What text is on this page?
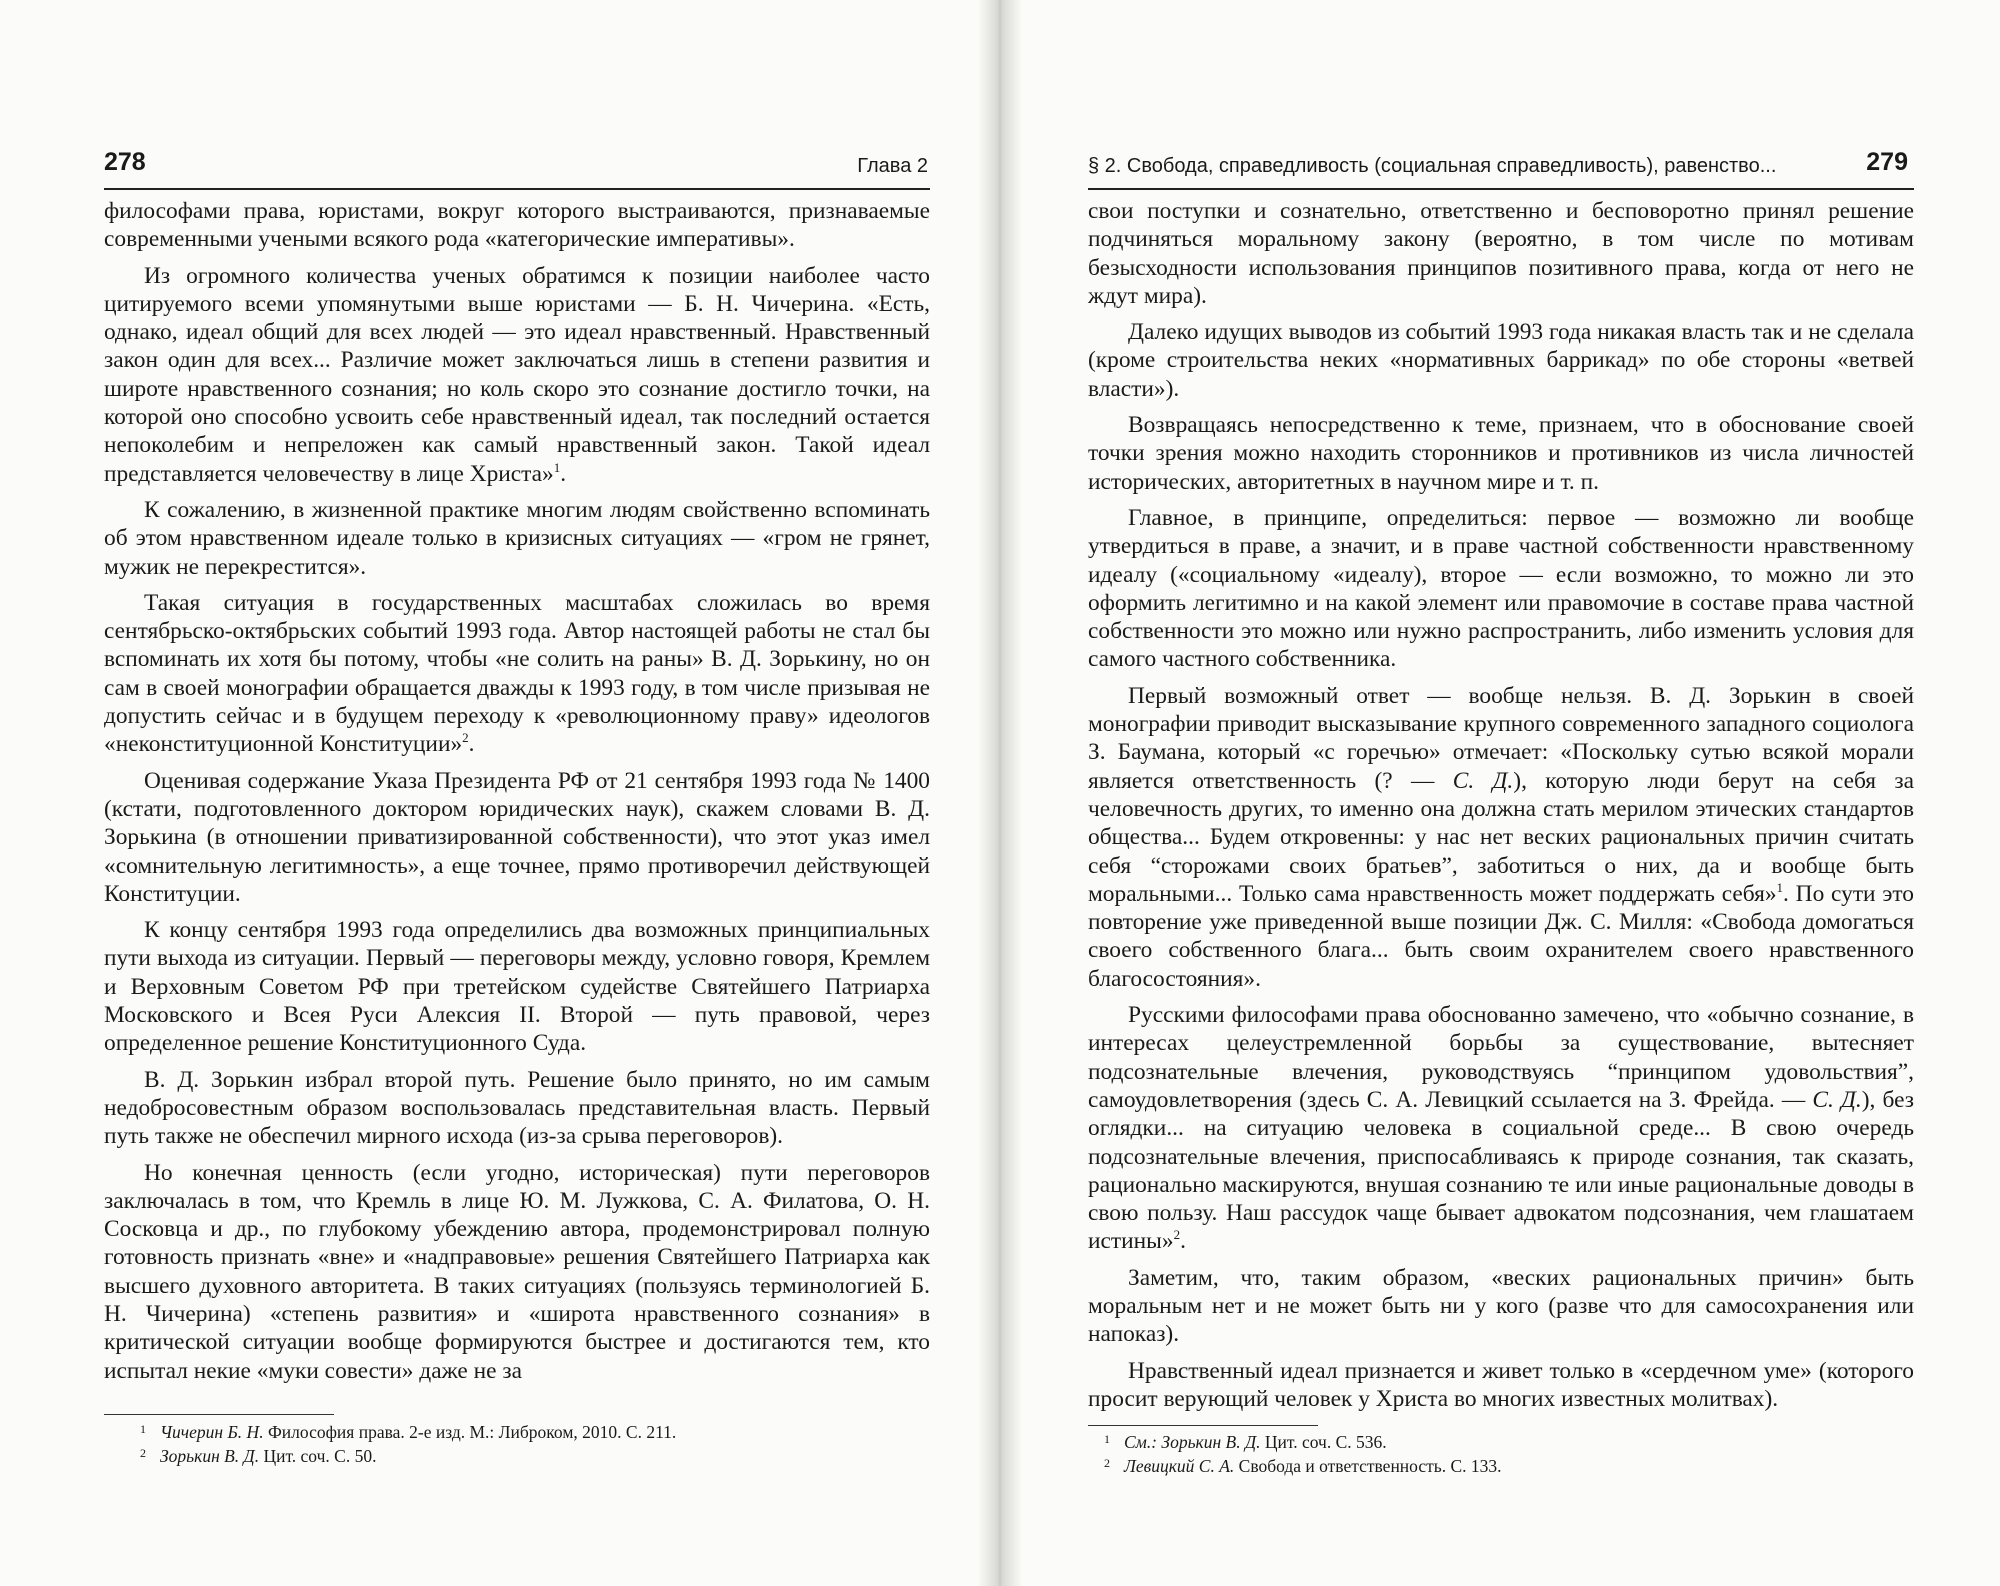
278	Глава 2

философами права, юристами, вокруг которого выстраиваются, признаваемые современными учеными всякого рода «категорические императивы».

Из огромного количества ученых обратимся к позиции наиболее часто цитируемого всеми упомянутыми выше юристами — Б. Н. Чичерина. «Есть, однако, идеал общий для всех людей — это идеал нравственный. Нравственный закон один для всех... Различие может заключаться лишь в степени развития и широте нравственного сознания; но коль скоро это сознание достигло точки, на которой оно способно усвоить себе нравственный идеал, так последний остается непоколебим и непреложен как самый нравственный закон. Такой идеал представляется человечеству в лице Христа»$^1$.

К сожалению, в жизненной практике многим людям свойственно вспоминать об этом нравственном идеале только в кризисных ситуациях — «гром не грянет, мужик не перекрестится».

Такая ситуация в государственных масштабах сложилась во время сентябрьско-октябрьских событий 1993 года. Автор настоящей работы не стал бы вспоминать их хотя бы потому, чтобы «не солить на раны» В. Д. Зорькину, но он сам в своей монографии обращается дважды к 1993 году, в том числе призывая не допустить сейчас и в будущем переходу к «революционному праву» идеологов «неконституционной Конституции»$^2$.

Оценивая содержание Указа Президента РФ от 21 сентября 1993 года № 1400 (кстати, подготовленного доктором юридических наук), скажем словами В. Д. Зорькина (в отношении приватизированной собственности), что этот указ имел «сомнительную легитимность», а еще точнее, прямо противоречил действующей Конституции.

К концу сентября 1993 года определились два возможных принципиальных пути выхода из ситуации. Первый — переговоры между, условно говоря, Кремлем и Верховным Советом РФ при третейском судействе Святейшего Патриарха Московского и Всея Руси Алексия II. Второй — путь правовой, через определенное решение Конституционного Суда.

В. Д. Зорькин избрал второй путь. Решение было принято, но им самым недобросовестным образом воспользовалась представительная власть. Первый путь также не обеспечил мирного исхода (из-за срыва переговоров).

Но конечная ценность (если угодно, историческая) пути переговоров заключалась в том, что Кремль в лице Ю. М. Лужкова, С. А. Филатова, О. Н. Сосковца и др., по глубокому убеждению автора, продемонстрировал полную готовность признать «вне» и «надправовые» решения Святейшего Патриарха как высшего духовного авторитета. В таких ситуациях (пользуясь терминологией Б. Н. Чичерина) «степень развития» и «широта нравственного сознания» в критической ситуации вообще формируются быстрее и достигаются тем, кто испытал некие «муки совести» даже не за

1 Чичерин Б. Н. Философия права. 2-е изд. М.: Либроком, 2010. С. 211.
2 Зорькин В. Д. Цит. соч. С. 50.
§ 2. Свобода, справедливость (социальная справедливость), равенство...	279

свои поступки и сознательно, ответственно и бесповоротно принял решение подчиняться моральному закону (вероятно, в том числе по мотивам безысходности использования принципов позитивного права, когда от него не ждут мира).

Далеко идущих выводов из событий 1993 года никакая власть так и не сделала (кроме строительства неких «нормативных баррикад» по обе стороны «ветвей власти»).

Возвращаясь непосредственно к теме, признаем, что в обоснование своей точки зрения можно находить сторонников и противников из числа личностей исторических, авторитетных в научном мире и т. п.

Главное, в принципе, определиться: первое — возможно ли вообще утвердиться в праве, а значит, и в праве частной собственности нравственному идеалу («социальному «идеалу), второе — если возможно, то можно ли это оформить легитимно и на какой элемент или правомочие в составе права частной собственности это можно или нужно распространить, либо изменить условия для самого частного собственника.

Первый возможный ответ — вообще нельзя. В. Д. Зорькин в своей монографии приводит высказывание крупного современного западного социолога З. Баумана, который «с горечью» отмечает: «Поскольку сутью всякой морали является ответственность (? — С. Д.), которую люди берут на себя за человечность других, то именно она должна стать мерилом этических стандартов общества... Будем откровенны: у нас нет веских рациональных причин считать себя “сторожами своих братьев”, заботиться о них, да и вообще быть моральными... Только сама нравственность может поддержать себя»$^1$. По сути это повторение уже приведенной выше позиции Дж. С. Милля: «Свобода домогаться своего собственного блага... быть своим охранителем своего нравственного благосостояния».

Русскими философами права обоснованно замечено, что «обычно сознание, в интересах целеустремленной борьбы за существование, вытесняет подсознательные влечения, руководствуясь “принципом удовольствия”, самоудовлетворения (здесь С. А. Левицкий ссылается на З. Фрейда. — С. Д.), без оглядки... на ситуацию человека в социальной среде... В свою очередь подсознательные влечения, приспосабливаясь к природе сознания, так сказать, рационально маскируются, внушая сознанию те или иные рациональные доводы в свою пользу. Наш рассудок чаще бывает адвокатом подсознания, чем глашатаем истины»$^2$.

Заметим, что, таким образом, «веских рациональных причин» быть моральным нет и не может быть ни у кого (разве что для самосохранения или напоказ).

Нравственный идеал признается и живет только в «сердечном уме» (которого просит верующий человек у Христа во многих известных молитвах).

1 См.: Зорькин В. Д. Цит. соч. С. 536.
2 Левицкий С. А. Свобода и ответственность. С. 133.
